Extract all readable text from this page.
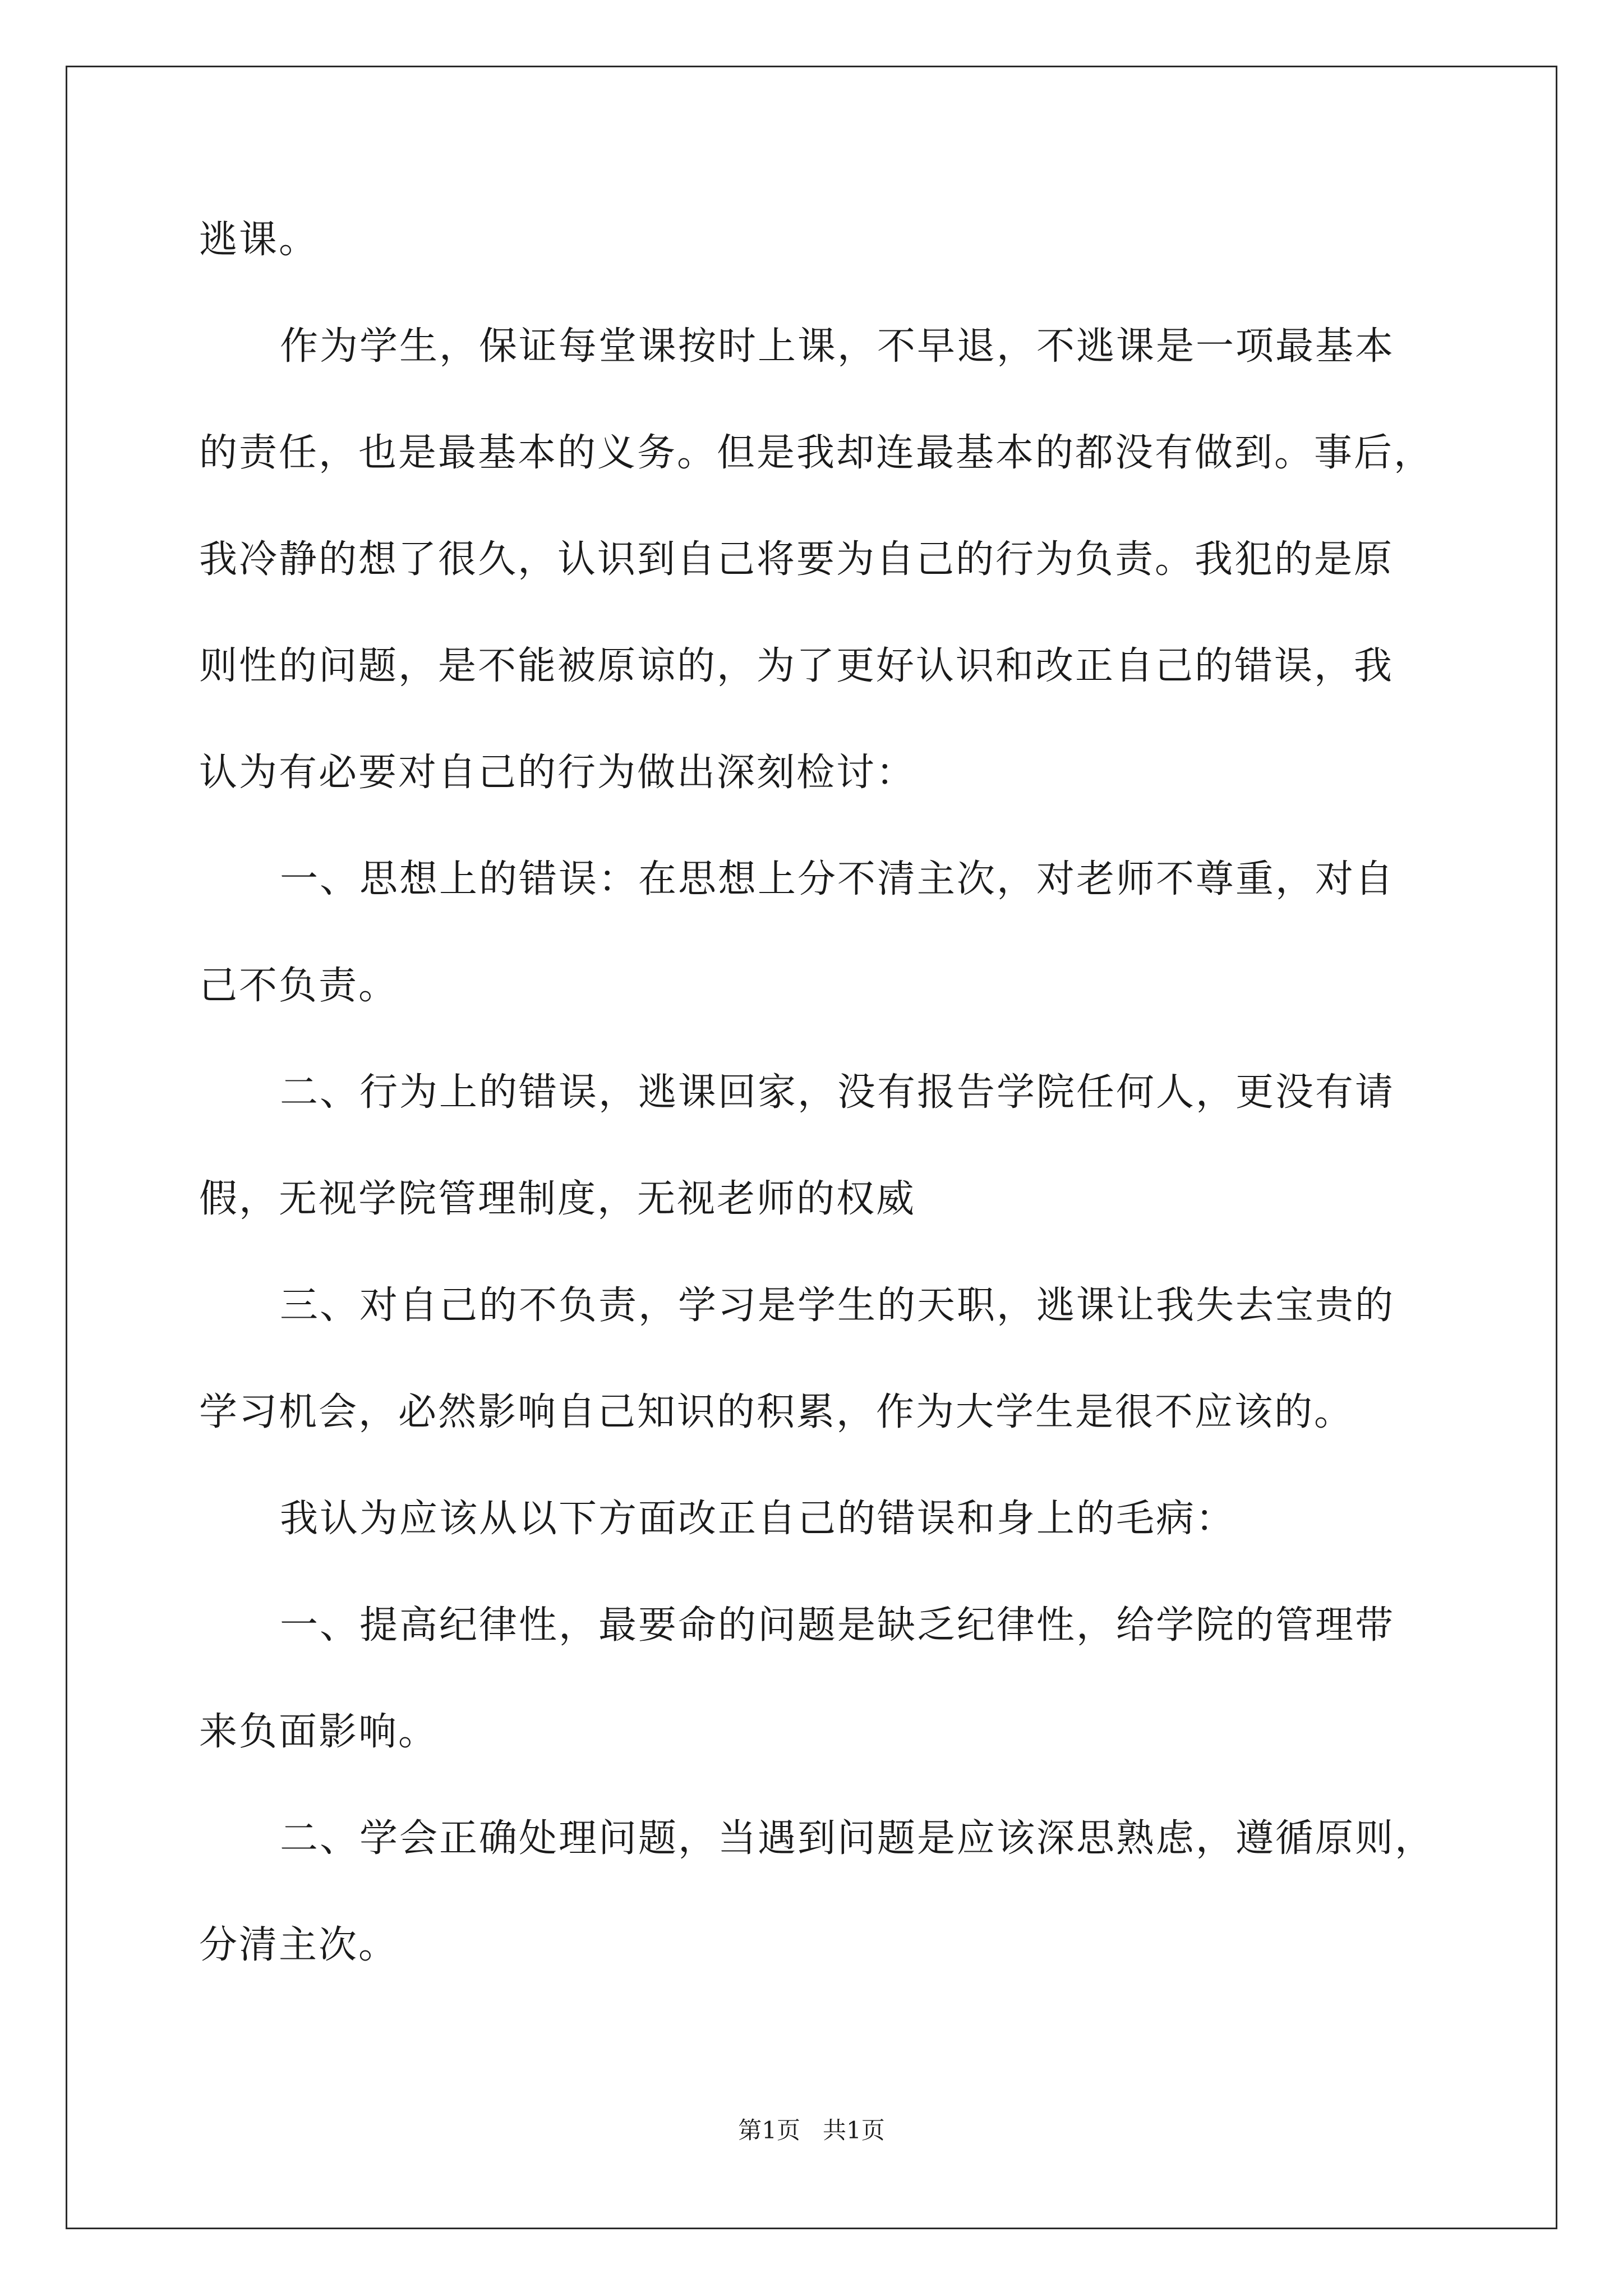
逃课。
作为学生，保证每堂课按时上课，不早退，不逃课是一项最基本
的责任，也是最基本的义务。但是我却连最基本的都没有做到。事后，
我冷静的想了很久，认识到自己将要为自己的行为负责。我犯的是原
则性的问题，是不能被原谅的，为了更好认识和改正自己的错误，我
认为有必要对自己的行为做出深刻检讨：
一、思想上的错误：在思想上分不清主次，对老师不尊重，对自
己不负责。
二、行为上的错误，逃课回家，没有报告学院任何人，更没有请
假，无视学院管理制度，无视老师的权威
三、对自己的不负责，学习是学生的天职，逃课让我失去宝贵的
学习机会，必然影响自己知识的积累，作为大学生是很不应该的。
我认为应该从以下方面改正自己的错误和身上的毛病：
一、提高纪律性，最要命的问题是缺乏纪律性，给学院的管理带
来负面影响。
二、学会正确处理问题，当遇到问题是应该深思熟虑，遵循原则，
分清主次。
第1页   共1页
